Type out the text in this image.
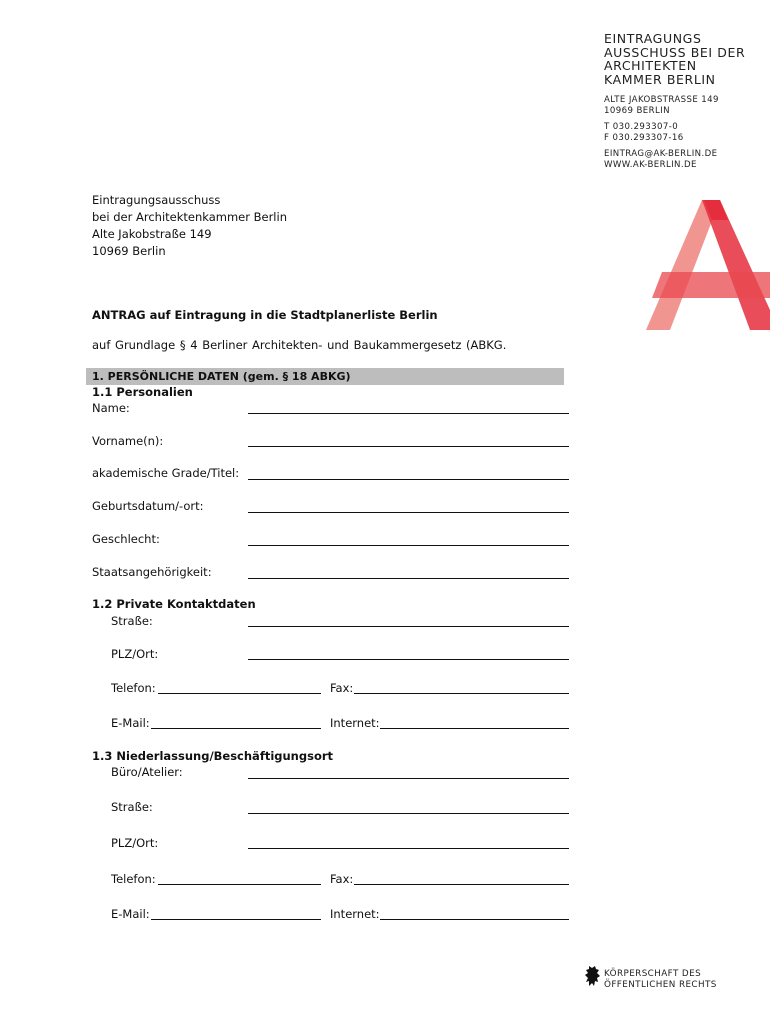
EINTRAGUNGS
AUSSCHUSS BEI DER
ARCHITEKTEN
KAMMER BERLIN
ALTE JAKOBSTRASSE 149
10969 BERLIN
T 030.293307-0
F 030.293307-16
EINTRAG@AK-BERLIN.DE
WWW.AK-BERLIN.DE
Eintragungsausschuss
bei der Architektenkammer Berlin
Alte Jakobstraße 149
10969 Berlin
ANTRAG auf Eintragung in die Stadtplanerliste Berlin
auf Grundlage § 4 Berliner Architekten- und Baukammergesetz (ABKG.
1. PERSÖNLICHE DATEN (gem. § 18 ABKG)
1.1 Personalien
Name:
Vorname(n):
akademische Grade/Titel:
Geburtsdatum/-ort:
Geschlecht:
Staatsangehörigkeit:
1.2 Private Kontaktdaten
Straße:
PLZ/Ort:
Telefon:	Fax:
E-Mail:	Internet:
1.3 Niederlassung/Beschäftigungsort
Büro/Atelier:
Straße:
PLZ/Ort:
Telefon:	Fax:
E-Mail:	Internet:
KÖRPERSCHAFT DES
ÖFFENTLICHEN RECHTS
